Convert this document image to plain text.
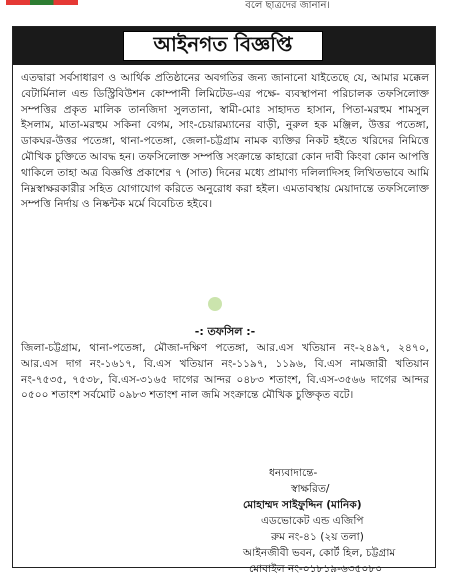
বলে ছাত্রদের জানান।
আইনগত বিজ্ঞপ্তি
এতদ্বারা সর্বসাধারণ ও আর্থিক প্রতিষ্ঠানের অবগতির জন্য জানানো যাইতেছে যে, আমার মক্কেল বেটার্মিনাল এন্ড ডিস্ট্রিবিউশন কোম্পানী লিমিটেড-এর পক্ষে- ব্যবস্থাপনা পরিচালক তফসিলোক্ত সম্পত্তির প্রকৃত মালিক তানজিদা সুলতানা, স্বামী-মোঃ সাহাদত হাসান, পিতা-মরহুম শামসুল ইসলাম, মাতা-মরহুম সকিনা বেগম, সাং-চেয়ারম্যানের বাড়ী, নুরুল হক মঞ্জিল, উত্তর পতেঙ্গা, ডাকঘর-উত্তর পতেঙ্গা, থানা-পতেঙ্গা, জেলা-চট্টগ্রাম নামক ব্যক্তির নিকট হইতে খরিদের নিমিত্তে মৌখিক চুক্তিতে আবদ্ধ হন। তফসিলোক্ত সম্পত্তি সংক্রান্তে কাহারো কোন দাবী কিংবা কোন আপত্তি থাকিলে তাহা অত্র বিজ্ঞপ্তি প্রকাশের ৭ (সাত) দিনের মধ্যে প্রামাণ্য দলিলাদিসহ লিখিতভাবে আমি নিম্নস্বাক্ষরকারীর সহিত যোগাযোগ করিতে অনুরোধ করা হইল। এমতাবস্থায় মেয়াদান্তে তফসিলোক্ত সম্পত্তি নির্দায় ও নিষ্কন্টক মর্মে বিবেচিত হইবে।
-: তফসিল :-
জিলা-চট্টগ্রাম, থানা-পতেঙ্গা, মৌজা-দক্ষিণ পতেঙ্গা, আর.এস খতিয়ান নং-২৪৯৭, ২৪৭০, আর.এস দাগ নং-১৬১৭, বি.এস খতিয়ান নং-১১৯৭, ১১৯৬, বি.এস নামজারী খতিয়ান নং-৭৫৩৫, ৭৫৩৮, বি.এস-৩১৬৫ দাগের আন্দর ০৪৮৩ শতাংশ, বি.এস-৩৫৬৬ দাগের আন্দর ০৫০০ শতাংশ সর্বমোট ০৯৮৩ শতাংশ নাল জমি সংক্রান্তে মৌখিক চুক্তিকৃত বটে।
ধন্যবাদান্তে-
স্বাক্ষরিত/
মোহাম্মদ সাইফুদ্দিন (মানিক)
এডভোকেট এন্ড এজিপি
রুম নং-৪১ (২য় তলা)
আইনজীবী ভবন, কোর্ট হিল, চট্টগ্রাম
মোবাইল নং-০১৮১৯-৬৩৫০৮০
